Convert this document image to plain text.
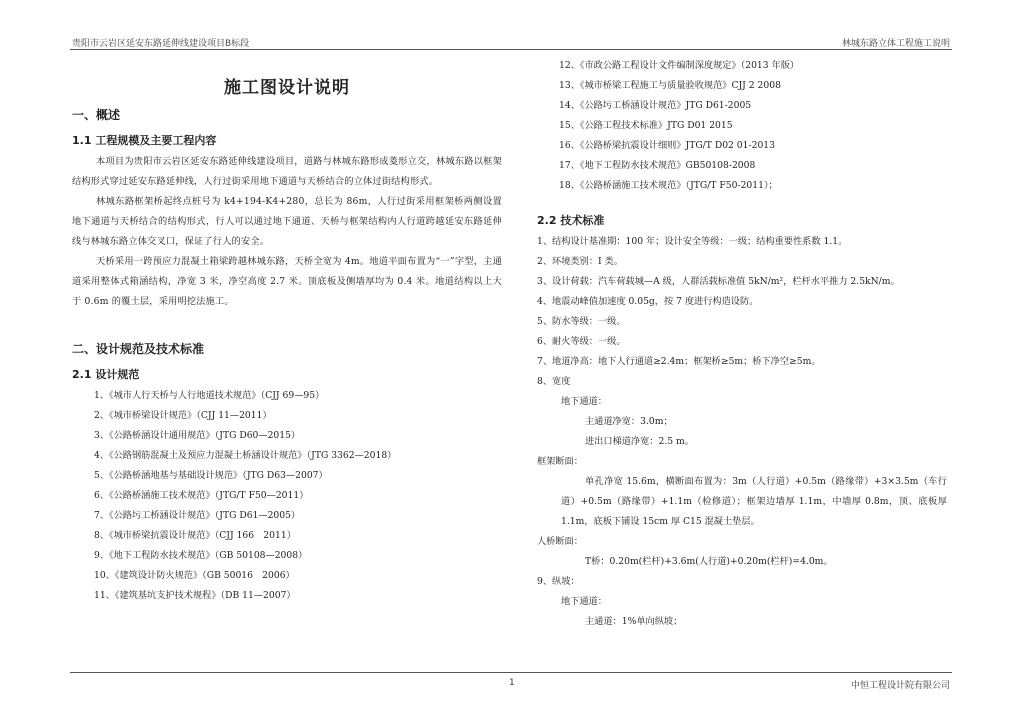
贵阳市云岩区延安东路延伸线建设项目B标段	林城东路立体工程施工说明
施工图设计说明
一、概述
1.1 工程规模及主要工程内容
本项目为贵阳市云岩区延安东路延伸线建设项目，道路与林城东路形成菱形立交，林城东路以框架结构形式穿过延安东路延伸线，人行过街采用地下通道与天桥结合的立体过街结构形式。
林城东路框架桥起终点桩号为 k4+194-K4+280，总长为 86m，人行过街采用框架桥两侧设置地下通道与天桥结合的结构形式，行人可以通过地下通道、天桥与框架结构内人行道跨越延安东路延伸线与林城东路立体交叉口，保证了行人的安全。
天桥采用一跨预应力混凝土箱梁跨越林城东路，天桥全宽为 4m。地道平面布置为“一”字型，主通道采用整体式箱涵结构，净宽 3 米，净空高度 2.7 米。顶底板及侧墙厚均为 0.4 米。地道结构以上大于 0.6m 的覆土层，采用明挖法施工。
二、设计规范及技术标准
2.1 设计规范
1、《城市人行天桥与人行地道技术规范》（CJJ 69—95）
2、《城市桥梁设计规范》（CJJ 11—2011）
3、《公路桥涵设计通用规范》（JTG D60—2015）
4、《公路钢筋混凝土及预应力混凝土桥涵设计规范》（JTG 3362—2018）
5、《公路桥涵地基与基础设计规范》（JTG D63—2007）
6、《公路桥涵施工技术规范》（JTG/T F50—2011）
7、《公路圬工桥涵设计规范》（JTG D61—2005）
8、《城市桥梁抗震设计规范》（CJJ 166　2011）
9、《地下工程防水技术规范》（GB 50108—2008）
10、《建筑设计防火规范》（GB 50016　2006）
11、《建筑基坑支护技术规程》（DB 11—2007）
12、《市政公路工程设计文件编制深度规定》（2013 年版）
13、《城市桥梁工程施工与质量验收规范》CJJ 2 2008
14、《公路圬工桥涵设计规范》JTG D61-2005
15、《公路工程技术标准》JTG D01 2015
16、《公路桥梁抗震设计细则》JTG/T D02 01-2013
17、《地下工程防水技术规范》GB50108-2008
18、《公路桥涵施工技术规范》（JTG/T F50-2011）；
2.2 技术标准
1、结构设计基准期：100 年；设计安全等级：一级；结构重要性系数 1.1。
2、环境类别：I 类。
3、设计荷载：汽车荷载城—A 级，人群活载标准值 5kN/m²，栏杆水平推力 2.5kN/m。
4、地震动峰值加速度 0.05g，按 7 度进行构造设防。
5、防水等级：一级。
6、耐火等级：一级。
7、地道净高：地下人行通道≥2.4m；框架桥≥5m；桥下净空≥5m。
8、宽度
地下通道：
主通道净宽：3.0m；
进出口梯道净宽：2.5 m。
框架断面：
单孔净宽 15.6m，横断面布置为：3m（人行道）+0.5m（路缘带）+3×3.5m（车行道）+0.5m（路缘带）+1.1m（检修道）；框架边墙厚 1.1m，中墙厚 0.8m，顶、底板厚 1.1m，底板下铺设 15cm 厚 C15 混凝土垫层。
人桥断面：
T桥：0.20m(栏杆)+3.6m(人行道)+0.20m(栏杆)=4.0m。
9、纵坡：
地下通道：
主通道：1%单向纵坡；
1	中恒工程设计院有限公司
